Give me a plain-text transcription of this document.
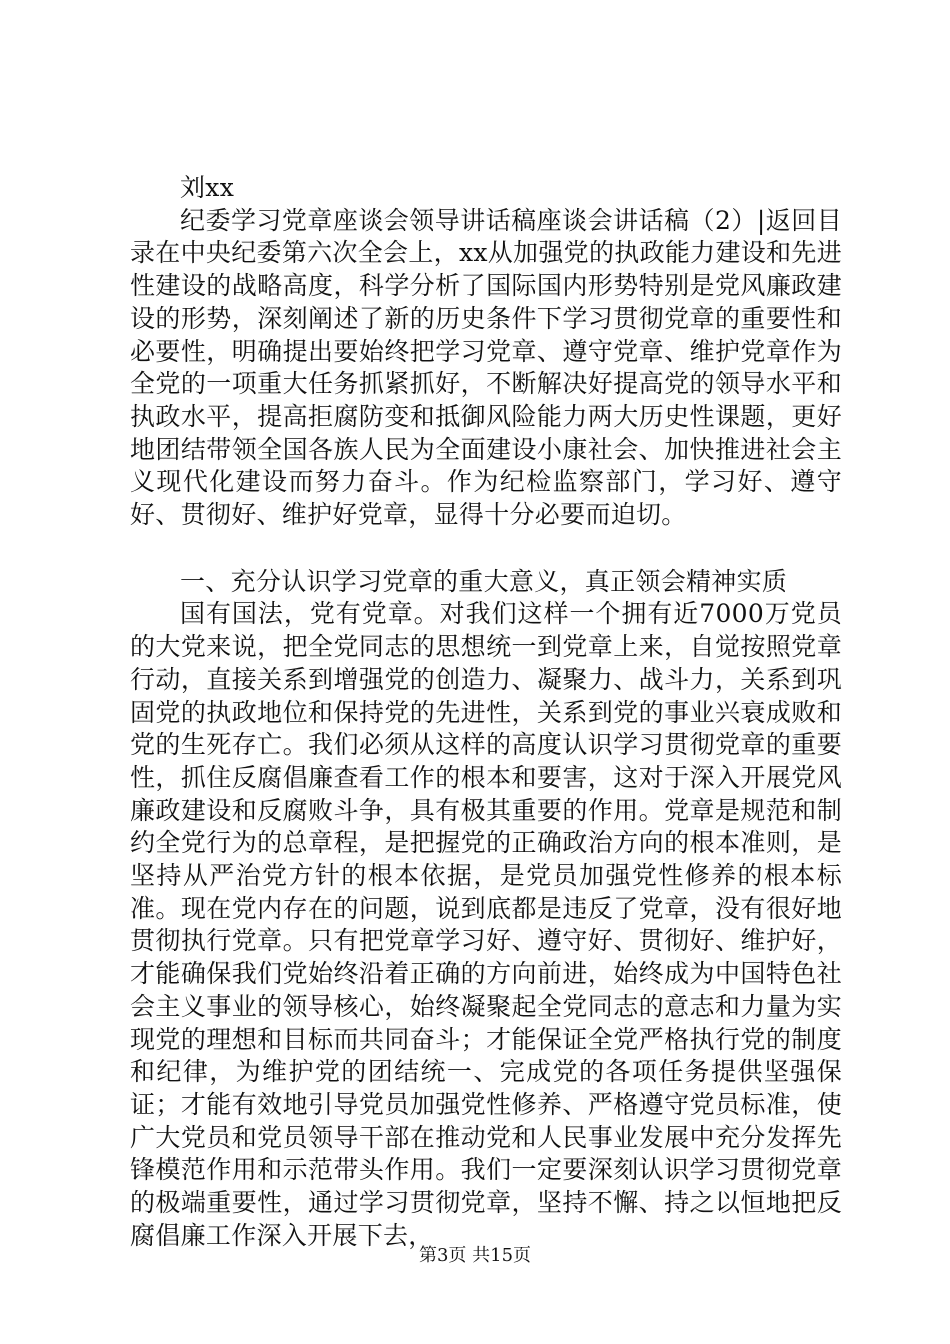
刘xx

纪委学习党章座谈会领导讲话稿座谈会讲话稿（2）|返回目录在中央纪委第六次全会上，xx从加强党的执政能力建设和先进性建设的战略高度，科学分析了国际国内形势特别是党风廉政建设的形势，深刻阐述了新的历史条件下学习贯彻党章的重要性和必要性，明确提出要始终把学习党章、遵守党章、维护党章作为全党的一项重大任务抓紧抓好，不断解决好提高党的领导水平和执政水平，提高拒腐防变和抵御风险能力两大历史性课题，更好地团结带领全国各族人民为全面建设小康社会、加快推进社会主义现代化建设而努力奋斗。作为纪检监察部门，学习好、遵守好、贯彻好、维护好党章，显得十分必要而迫切。

一、充分认识学习党章的重大意义，真正领会精神实质

国有国法，党有党章。对我们这样一个拥有近7000万党员的大党来说，把全党同志的思想统一到党章上来，自觉按照党章行动，直接关系到增强党的创造力、凝聚力、战斗力，关系到巩固党的执政地位和保持党的先进性，关系到党的事业兴衰成败和党的生死存亡。我们必须从这样的高度认识学习贯彻党章的重要性，抓住反腐倡廉查看工作的根本和要害，这对于深入开展党风廉政建设和反腐败斗争，具有极其重要的作用。党章是规范和制约全党行为的总章程，是把握党的正确政治方向的根本准则，是坚持从严治党方针的根本依据，是党员加强党性修养的根本标准。现在党内存在的问题，说到底都是违反了党章，没有很好地贯彻执行党章。只有把党章学习好、遵守好、贯彻好、维护好，才能确保我们党始终沿着正确的方向前进，始终成为中国特色社会主义事业的领导核心，始终凝聚起全党同志的意志和力量为实现党的理想和目标而共同奋斗；才能保证全党严格执行党的制度和纪律，为维护党的团结统一、完成党的各项任务提供坚强保证；才能有效地引导党员加强党性修养、严格遵守党员标准，使广大党员和党员领导干部在推动党和人民事业发展中充分发挥先锋模范作用和示范带头作用。我们一定要深刻认识学习贯彻党章的极端重要性，通过学习贯彻党章，坚持不懈、持之以恒地把反腐倡廉工作深入开展下去，

第3页 共15页
